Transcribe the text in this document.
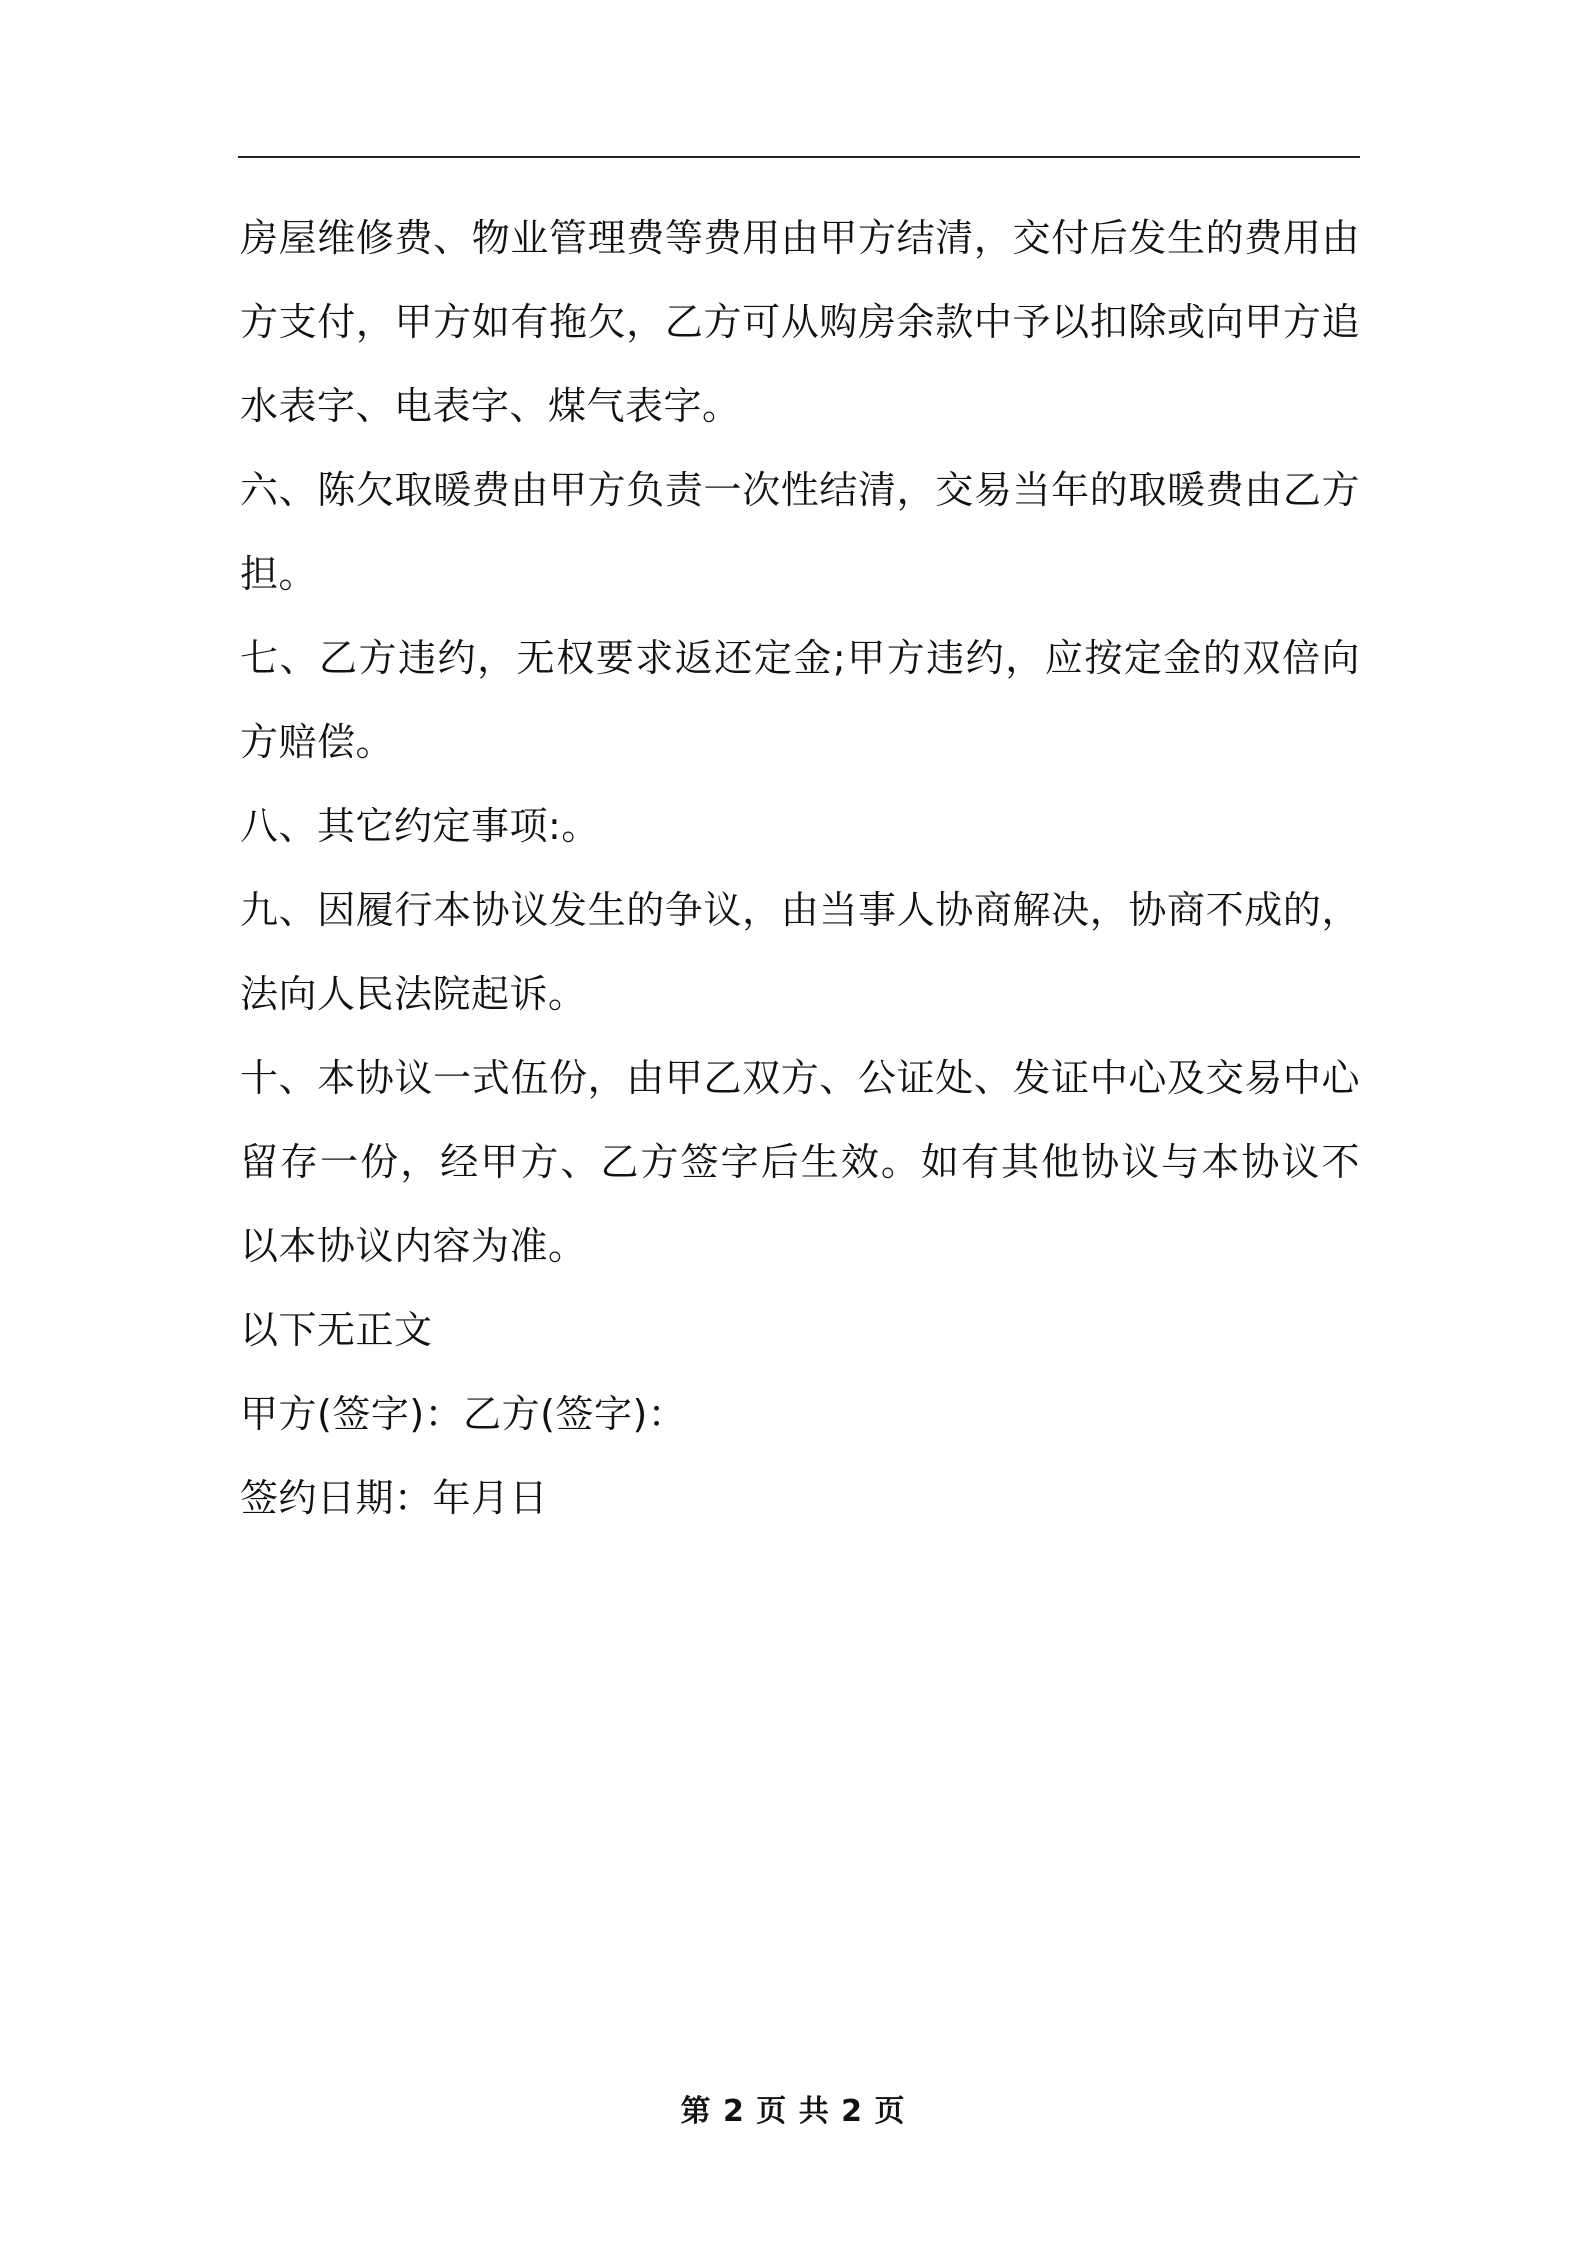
房屋维修费、物业管理费等费用由甲方结清，交付后发生的费用由
方支付，甲方如有拖欠，乙方可从购房余款中予以扣除或向甲方追
水表字、电表字、煤气表字。
六、陈欠取暖费由甲方负责一次性结清，交易当年的取暖费由乙方
担。
七、乙方违约，无权要求返还定金;甲方违约，应按定金的双倍向
方赔偿。
八、其它约定事项:。
九、因履行本协议发生的争议，由当事人协商解决，协商不成的，
法向人民法院起诉。
十、本协议一式伍份，由甲乙双方、公证处、发证中心及交易中心
留存一份，经甲方、乙方签字后生效。如有其他协议与本协议不
以本协议内容为准。
以下无正文
甲方(签字)：乙方(签字)：
签约日期：年月日
第 2 页 共 2 页
